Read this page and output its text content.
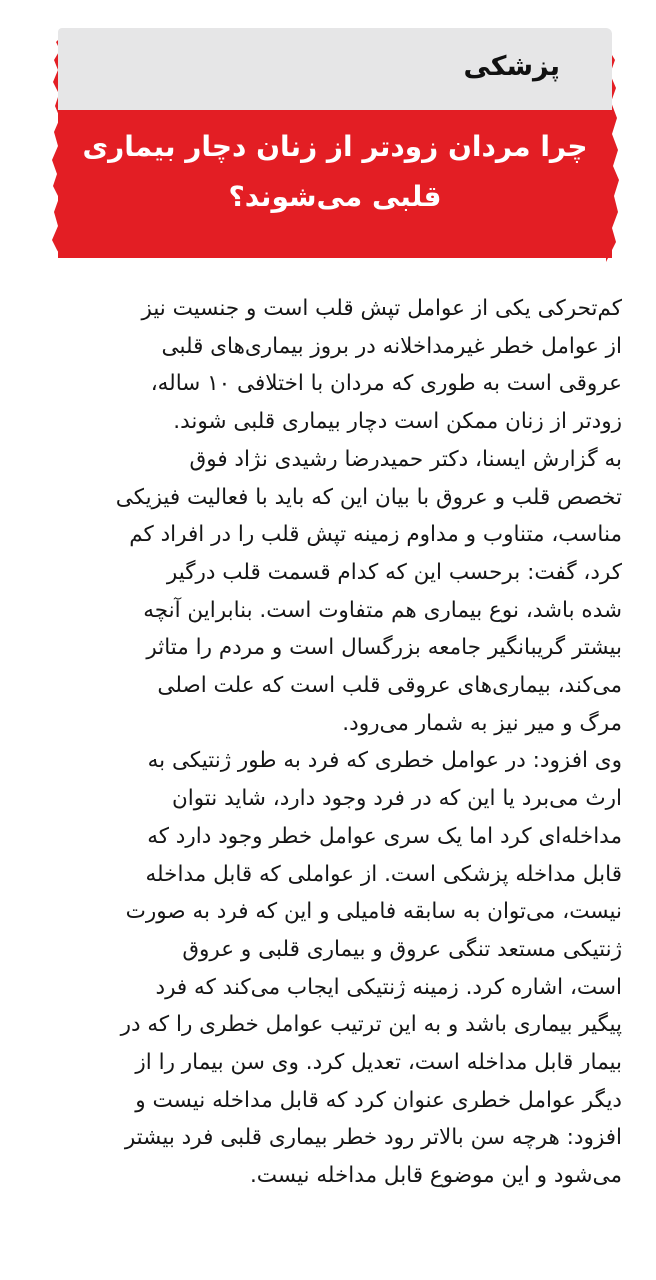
پزشکی
چرا مردان زودتر از زنان دچار بیماری
قلبی می‌شوند؟

کم‌تحرکی یکی از عوامل تپش قلب است و جنسیت نیز
از عوامل خطر غیرمداخلانه در بروز بیماری‌های قلبی
عروقی است به طوری که مردان با اختلافی ۱۰ ساله،
زودتر از زنان ممکن است دچار بیماری قلبی شوند.

به گزارش ایسنا، دکتر حمیدرضا رشیدی نژاد فوق
تخصص قلب و عروق با بیان این که باید با فعالیت فیزیکی
مناسب، متناوب و مداوم زمینه تپش قلب را در افراد کم
کرد، گفت: برحسب این که کدام قسمت قلب درگیر
شده باشد، نوع بیماری هم متفاوت است. بنابراین آنچه
بیشتر گریبانگیر جامعه بزرگسال است و مردم را متاثر
می‌کند، بیماری‌های عروقی قلب است که علت اصلی
مرگ و میر نیز به شمار می‌رود.

وی افزود: در عوامل خطری که فرد به طور ژنتیکی به
ارث می‌برد یا این که در فرد وجود دارد، شاید نتوان
مداخله‌ای کرد اما یک سری عوامل خطر وجود دارد که
قابل مداخله پزشکی است. از عواملی که قابل مداخله
نیست، می‌توان به سابقه فامیلی و این که فرد به صورت
ژنتیکی مستعد تنگی عروق و بیماری قلبی و عروق
است، اشاره کرد. زمینه ژنتیکی ایجاب می‌کند که فرد
پیگیر بیماری باشد و به این ترتیب عوامل خطری را که در
بیمار قابل مداخله است، تعدیل کرد. وی سن بیمار را از
دیگر عوامل خطری عنوان کرد که قابل مداخله نیست و
افزود: هرچه سن بالاتر رود خطر بیماری قلبی فرد بیشتر
می‌شود و این موضوع قابل مداخله نیست.
